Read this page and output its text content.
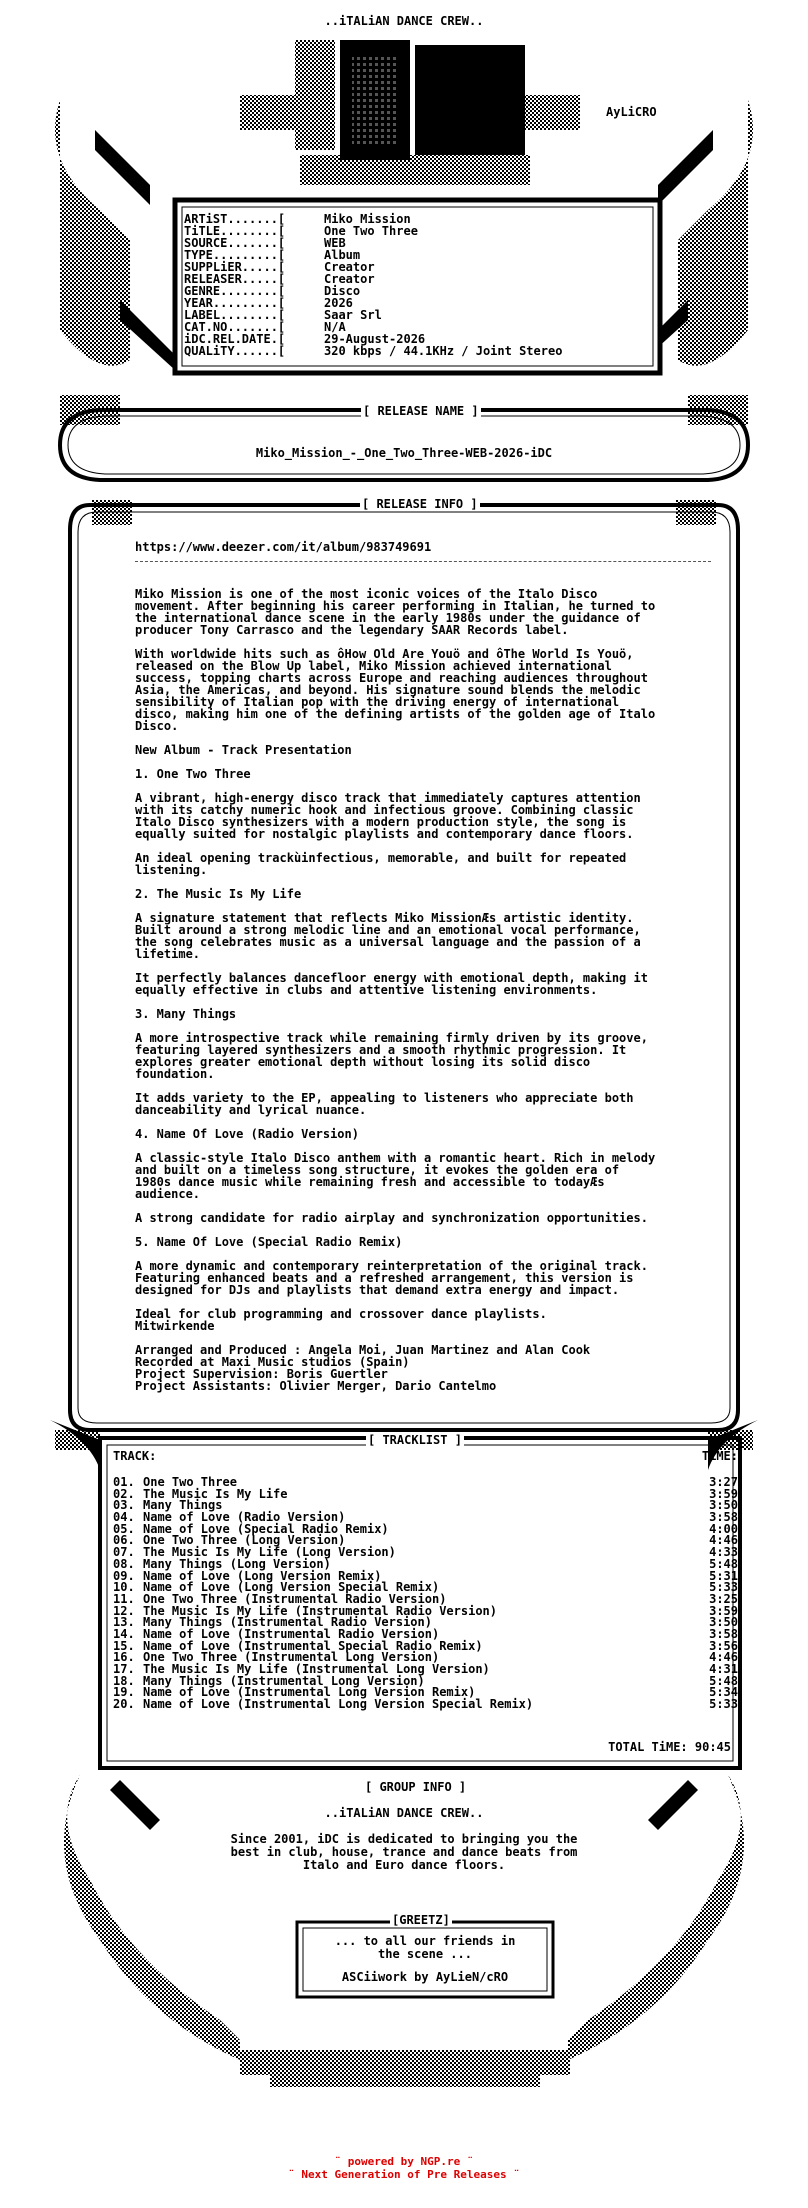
..iTALiAN DANCE CREW..
AyLiCRO
ARTiST.......[	Miko Mission
TiTLE........[	One Two Three
SOURCE.......[	WEB
TYPE.........[	Album
SUPPLiER.....[	Creator
RELEASER.....[	Creator
GENRE........[	Disco
YEAR.........[	2026
LABEL........[	Saar Srl
CAT.NO.......[	N/A
iDC.REL.DATE.[	29-August-2026
QUALiTY......[	320 kbps / 44.1KHz / Joint Stereo
[ RELEASE NAME ]
Miko_Mission_-_One_Two_Three-WEB-2026-iDC
[ RELEASE INFO ]
https://www.deezer.com/it/album/983749691

Miko Mission is one of the most iconic voices of the Italo Disco
movement. After beginning his career performing in Italian, he turned to
the international dance scene in the early 1980s under the guidance of
producer Tony Carrasco and the legendary SAAR Records label.

With worldwide hits such as ôHow Old Are Youö and ôThe World Is Youö,
released on the Blow Up label, Miko Mission achieved international
success, topping charts across Europe and reaching audiences throughout
Asia, the Americas, and beyond. His signature sound blends the melodic
sensibility of Italian pop with the driving energy of international
disco, making him one of the defining artists of the golden age of Italo
Disco.

New Album - Track Presentation

1. One Two Three

A vibrant, high-energy disco track that immediately captures attention
with its catchy numeric hook and infectious groove. Combining classic
Italo Disco synthesizers with a modern production style, the song is
equally suited for nostalgic playlists and contemporary dance floors.

An ideal opening trackùinfectious, memorable, and built for repeated
listening.

2. The Music Is My Life

A signature statement that reflects Miko MissionÆs artistic identity.
Built around a strong melodic line and an emotional vocal performance,
the song celebrates music as a universal language and the passion of a
lifetime.

It perfectly balances dancefloor energy with emotional depth, making it
equally effective in clubs and attentive listening environments.

3. Many Things

A more introspective track while remaining firmly driven by its groove,
featuring layered synthesizers and a smooth rhythmic progression. It
explores greater emotional depth without losing its solid disco
foundation.

It adds variety to the EP, appealing to listeners who appreciate both
danceability and lyrical nuance.

4. Name Of Love (Radio Version)

A classic-style Italo Disco anthem with a romantic heart. Rich in melody
and built on a timeless song structure, it evokes the golden era of
1980s dance music while remaining fresh and accessible to todayÆs
audience.

A strong candidate for radio airplay and synchronization opportunities.

5. Name Of Love (Special Radio Remix)

A more dynamic and contemporary reinterpretation of the original track.
Featuring enhanced beats and a refreshed arrangement, this version is
designed for DJs and playlists that demand extra energy and impact.

Ideal for club programming and crossover dance playlists.
Mitwirkende

Arranged and Produced : Angela Moi, Juan Martinez and Alan Cook
Recorded at Maxi Music studios (Spain)
Project Supervision: Boris Guertler
Project Assistants: Olivier Merger, Dario Cantelmo

[ TRACKLIST ]
TRACK:	TiME:
01. One Two Three	3:27
02. The Music Is My Life	3:59
03. Many Things	3:50
04. Name of Love (Radio Version)	3:58
05. Name of Love (Special Radio Remix)	4:00
06. One Two Three (Long Version)	4:46
07. The Music Is My Life (Long Version)	4:33
08. Many Things (Long Version)	5:48
09. Name of Love (Long Version Remix)	5:31
10. Name of Love (Long Version Special Remix)	5:33
11. One Two Three (Instrumental Radio Version)	3:25
12. The Music Is My Life (Instrumental Radio Version)	3:59
13. Many Things (Instrumental Radio Version)	3:50
14. Name of Love (Instrumental Radio Version)	3:58
15. Name of Love (Instrumental Special Radio Remix)	3:56
16. One Two Three (Instrumental Long Version)	4:46
17. The Music Is My Life (Instrumental Long Version)	4:31
18. Many Things (Instrumental Long Version)	5:48
19. Name of Love (Instrumental Long Version Remix)	5:34
20. Name of Love (Instrumental Long Version Special Remix)	5:33
TOTAL TiME: 90:45
[ GROUP INFO ]
..iTALiAN DANCE CREW..
Since 2001, iDC is dedicated to bringing you the
best in club, house, trance and dance beats from
Italo and Euro dance floors.
[GREETZ]
... to all our friends in
the scene ...
ASCiiwork by AyLieN/cRO
¨ powered by NGP.re ¨
¨ Next Generation of Pre Releases ¨
